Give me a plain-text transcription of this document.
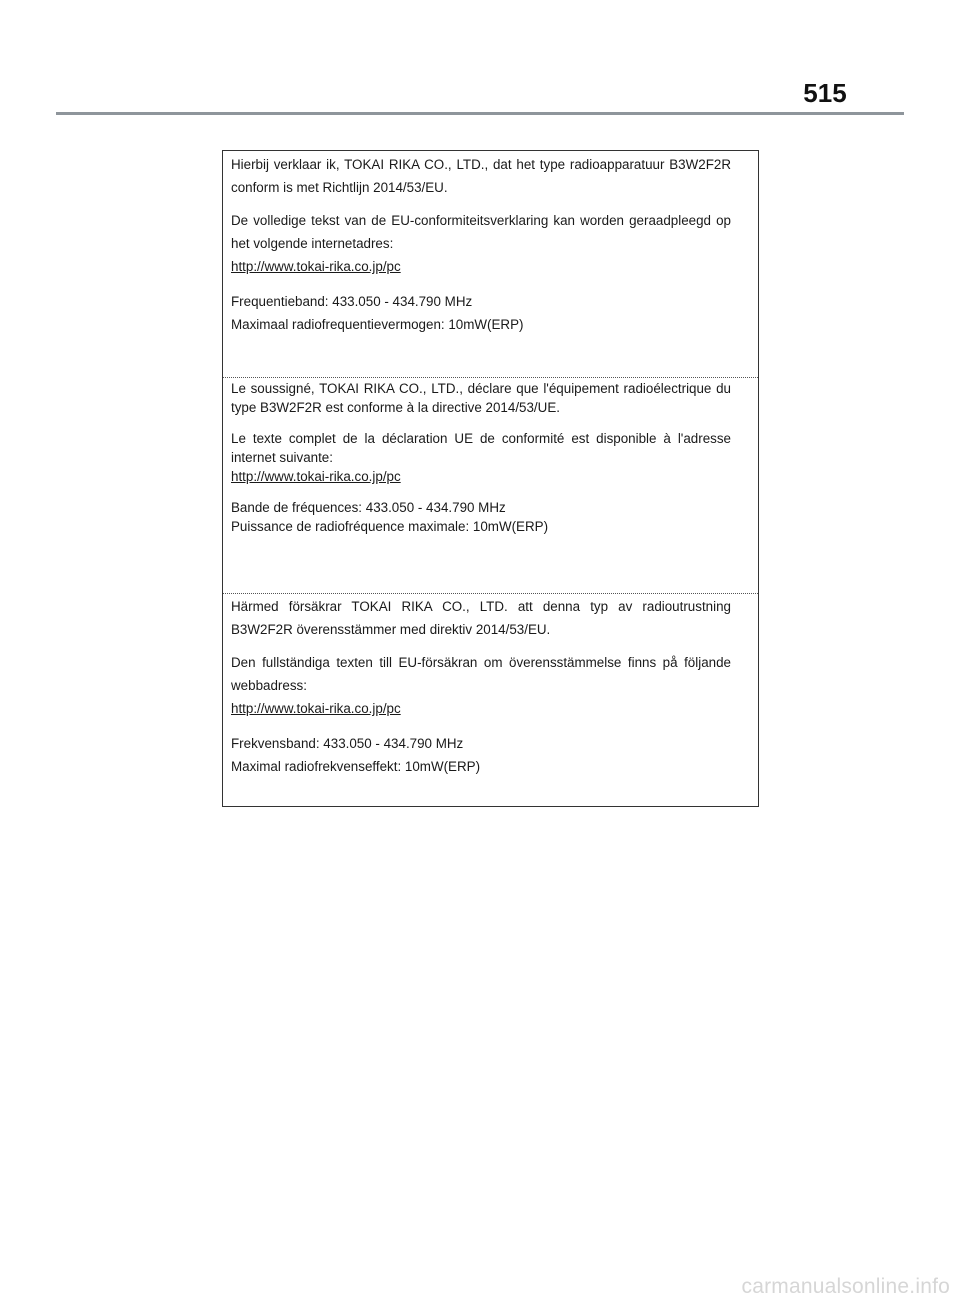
515

Hierbij verklaar ik, TOKAI RIKA CO., LTD., dat het type radioapparatuur B3W2F2R conform is met Richtlijn 2014/53/EU.

De volledige tekst van de EU-conformiteitsverklaring kan worden geraadpleegd op het volgende internetadres:

http://www.tokai-rika.co.jp/pc

Frequentieband: 433.050 - 434.790 MHz
Maximaal radiofrequentievermogen: 10mW(ERP)

Le soussigné, TOKAI RIKA CO., LTD., déclare que l'équipement radioélectrique du type B3W2F2R est conforme à la directive 2014/53/UE.

Le texte complet de la déclaration UE de conformité est disponible à l'adresse internet suivante:

http://www.tokai-rika.co.jp/pc

Bande de fréquences: 433.050 - 434.790 MHz
Puissance de radiofréquence maximale: 10mW(ERP)

Härmed försäkrar TOKAI RIKA CO., LTD. att denna typ av radioutrustning B3W2F2R överensstämmer med direktiv 2014/53/EU.

Den fullständiga texten till EU-försäkran om överensstämmelse finns på följande webbadress:

http://www.tokai-rika.co.jp/pc

Frekvensband: 433.050 - 434.790 MHz
Maximal radiofrekvenseffekt: 10mW(ERP)

carmanualsonline.info
